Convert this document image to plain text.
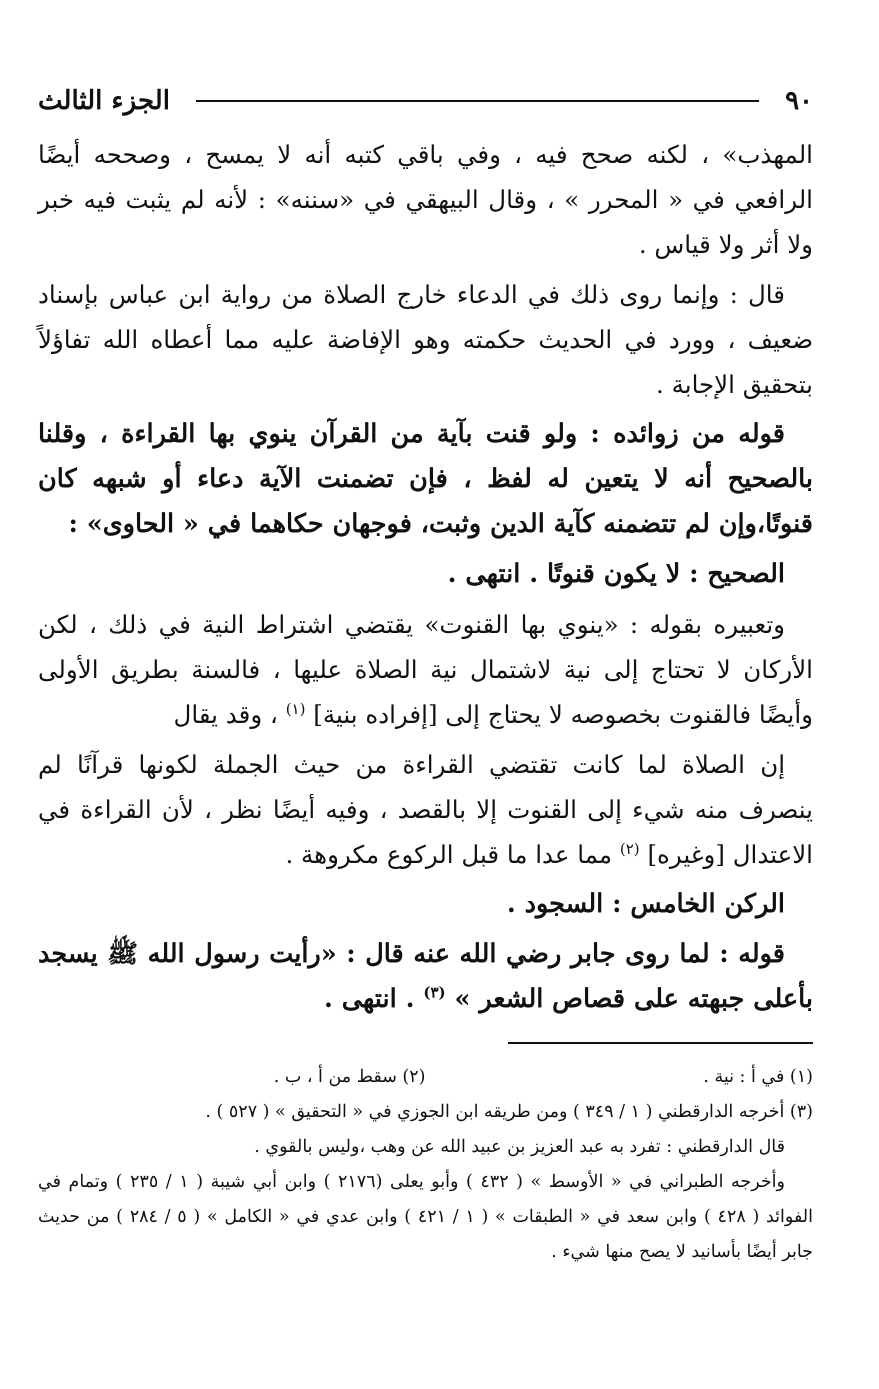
٩٠
الجزء الثالث

المهذب» ، لكنه صحح فيه ، وفي باقي كتبه أنه لا يمسح ، وصححه أيضًا الرافعي في « المحرر » ، وقال البيهقي في «سننه» : لأنه لم يثبت فيه خبر ولا أثر ولا قياس .

قال : وإنما روى ذلك في الدعاء خارج الصلاة من رواية ابن عباس بإسناد ضعيف ، وورد في الحديث حكمته وهو الإفاضة عليه مما أعطاه الله تفاؤلاً بتحقيق الإجابة .

قوله من زوائده : ولو قنت بآية من القرآن ينوي بها القراءة ، وقلنا بالصحيح أنه لا يتعين له لفظ ، فإن تضمنت الآية دعاء أو شبهه كان قنوتًا،وإن لم تتضمنه كآية الدين وثبت، فوجهان حكاهما في « الحاوى» :

الصحيح : لا يكون قنوتًا . انتهى .

وتعبيره بقوله : «ينوي بها القنوت» يقتضي اشتراط النية في ذلك ، لكن الأركان لا تحتاج إلى نية لاشتمال نية الصلاة عليها ، فالسنة بطريق الأولى وأيضًا فالقنوت بخصوصه لا يحتاج إلى [إفراده بنية] $^{(١)}$ ، وقد يقال

إن الصلاة لما كانت تقتضي القراءة من حيث الجملة لكونها قرآنًا لم ينصرف منه شيء إلى القنوت إلا بالقصد ، وفيه أيضًا نظر ، لأن القراءة في الاعتدال [وغيره] $^{(٢)}$ مما عدا ما قبل الركوع مكروهة .

الركن الخامس : السجود .

قوله : لما روى جابر رضي الله عنه قال : «رأيت رسول الله ﷺ يسجد بأعلى جبهته على قصاص الشعر » $^{(٣)}$ . انتهى .

(١) في أ : نية .
(٢) سقط من أ ، ب .

(٣) أخرجه الدارقطني ( ١ / ٣٤٩ ) ومن طريقه ابن الجوزي في « التحقيق » ( ٥٢٧ ) .

قال الدارقطني : تفرد به عبد العزيز بن عبيد الله عن وهب ،وليس بالقوي .

وأخرجه الطبراني في « الأوسط » ( ٤٣٢ ) وأبو يعلى (٢١٧٦ ) وابن أبي شيبة ( ١ / ٢٣٥ ) وتمام في الفوائد ( ٤٢٨ ) وابن سعد في « الطبقات » ( ١ / ٤٢١ ) وابن عدي في « الكامل » ( ٥ / ٢٨٤ ) من حديث جابر أيضًا بأسانيد لا يصح منها شيء .
